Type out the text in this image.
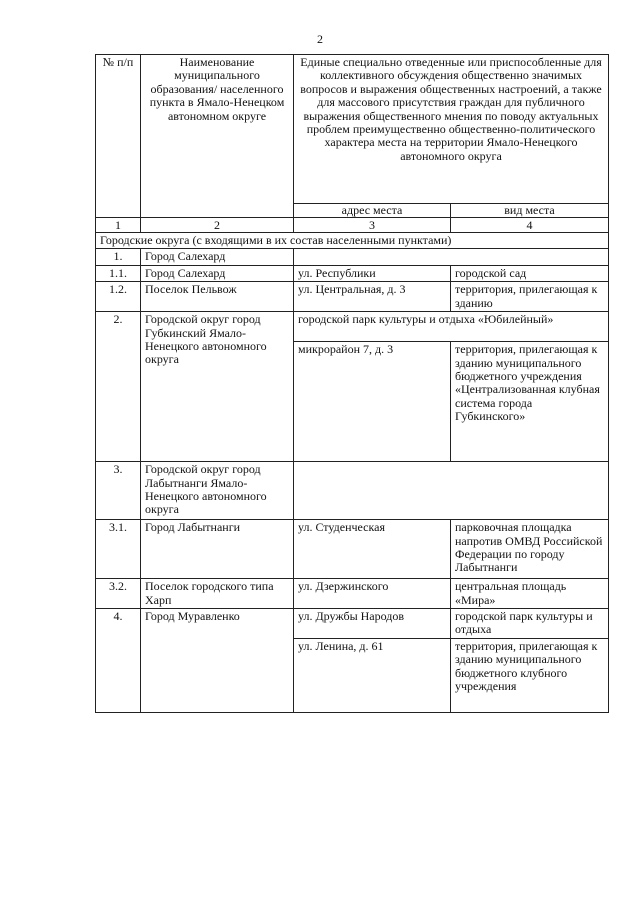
2
№ п/п	Наименование муниципального образования/ населенного пункта в Ямало-Ненецком автономном округе	Единые специально отведенные или приспособленные для коллективного обсуждения общественно значимых вопросов и выражения общественных настроений, а также для массового присутствия граждан для публичного выражения общественного мнения по поводу актуальных проблем преимущественно общественно-политического характера места на территории Ямало-Ненецкого автономного округа	
		адрес места	вид места
1	2	3	4
Городские округа (с входящими в их состав населенными пунктами)			
1.	Город Салехард		
1.1.	Город Салехард	ул. Республики	городской сад
1.2.	Поселок Пельвож	ул. Центральная, д. 3	территория, прилегающая к зданию
2.	Городской округ город Губкинский Ямало-Ненецкого автономного округа	городской парк культуры и отдыха «Юбилейный»	
		микрорайон 7, д. 3	территория, прилегающая к зданию муниципального бюджетного учреждения «Централизованная клубная система города Губкинского»
3.	Городской округ город Лабытнанги Ямало-Ненецкого автономного округа		
3.1.	Город Лабытнанги	ул. Студенческая	парковочная площадка напротив ОМВД Российской Федерации по городу Лабытнанги
3.2.	Поселок городского типа Харп	ул. Дзержинского	центральная площадь «Мира»
4.	Город Муравленко	ул. Дружбы Народов	городской парк культуры и отдыха
		ул. Ленина, д. 61	территория, прилегающая к зданию муниципального бюджетного клубного учреждения
